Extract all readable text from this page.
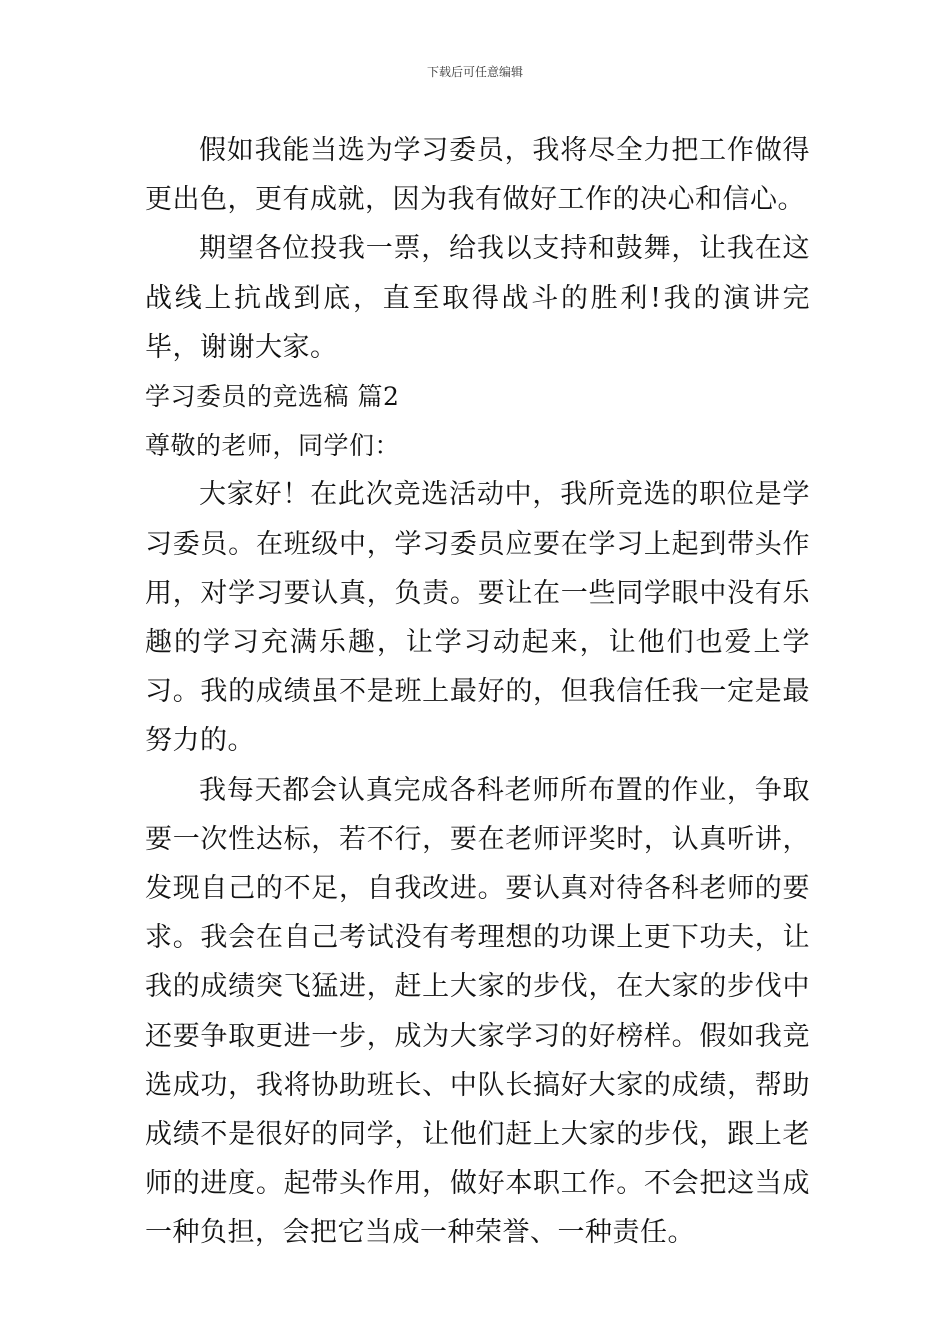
下载后可任意编辑

假如我能当选为学习委员，我将尽全力把工作做得更出色，更有成就，因为我有做好工作的决心和信心。

期望各位投我一票，给我以支持和鼓舞，让我在这战线上抗战到底，直至取得战斗的胜利!我的演讲完毕，谢谢大家。

学习委员的竞选稿 篇2

尊敬的老师，同学们：

大家好！在此次竞选活动中，我所竞选的职位是学习委员。在班级中，学习委员应要在学习上起到带头作用，对学习要认真，负责。要让在一些同学眼中没有乐趣的学习充满乐趣，让学习动起来，让他们也爱上学习。我的成绩虽不是班上最好的，但我信任我一定是最努力的。

我每天都会认真完成各科老师所布置的作业，争取要一次性达标，若不行，要在老师评奖时，认真听讲，发现自己的不足，自我改进。要认真对待各科老师的要求。我会在自己考试没有考理想的功课上更下功夫，让我的成绩突飞猛进，赶上大家的步伐，在大家的步伐中还要争取更进一步，成为大家学习的好榜样。假如我竞选成功，我将协助班长、中队长搞好大家的成绩，帮助成绩不是很好的同学，让他们赶上大家的步伐，跟上老师的进度。起带头作用，做好本职工作。不会把这当成一种负担，会把它当成一种荣誉、一种责任。
